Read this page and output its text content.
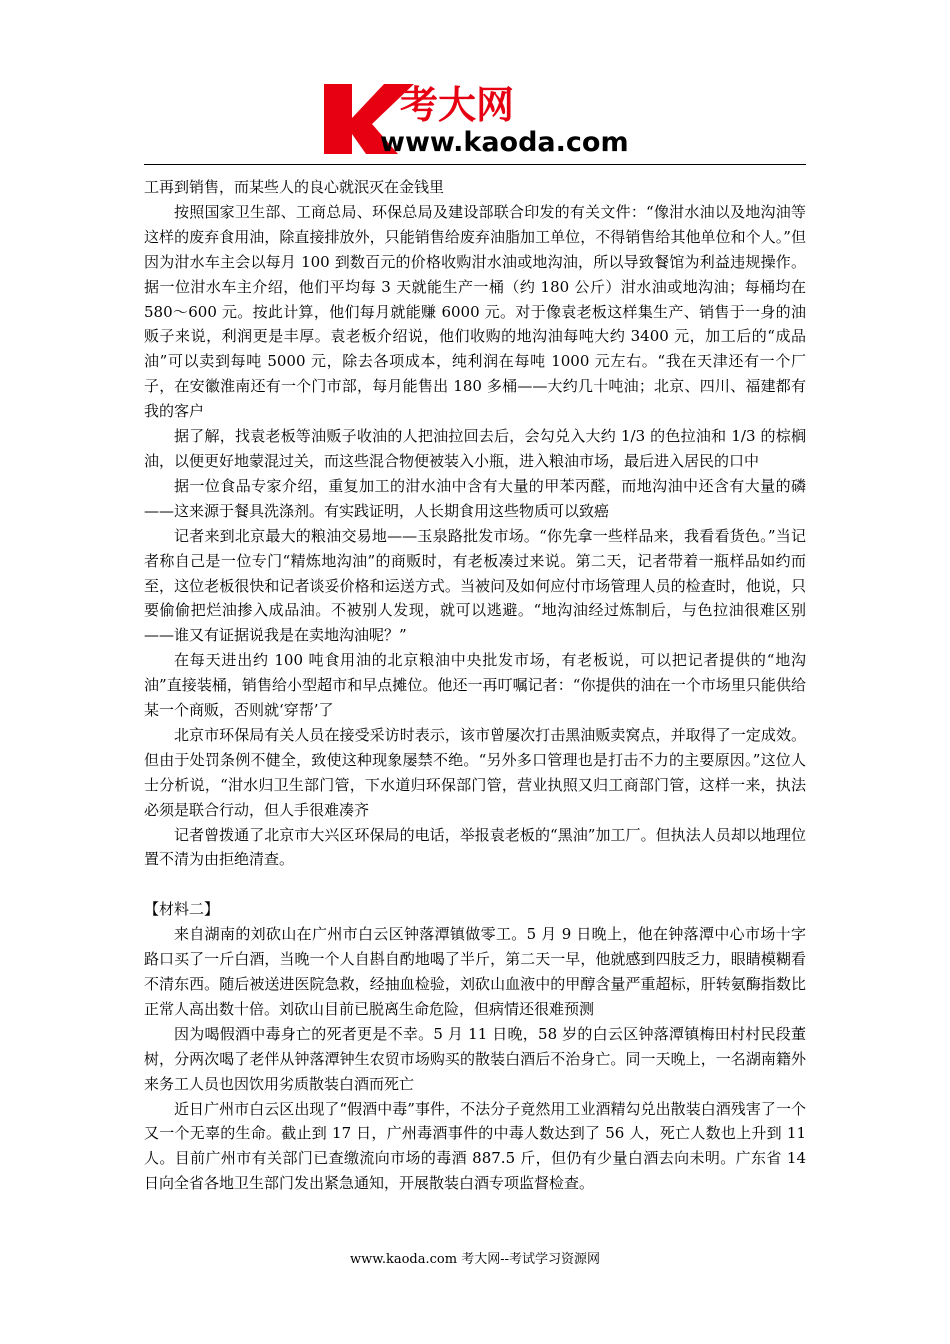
考大网
www.kaoda.com

工再到销售，而某些人的良心就泯灭在金钱里

按照国家卫生部、工商总局、环保总局及建设部联合印发的有关文件：“像泔水油以及地沟油等这样的废弃食用油，除直接排放外，只能销售给废弃油脂加工单位，不得销售给其他单位和个人。”但因为泔水车主会以每月 100 到数百元的价格收购泔水油或地沟油，所以导致餐馆为利益违规操作。据一位泔水车主介绍，他们平均每 3 天就能生产一桶（约 180 公斤）泔水油或地沟油；每桶均在 580～600 元。按此计算，他们每月就能赚 6000 元。对于像袁老板这样集生产、销售于一身的油贩子来说，利润更是丰厚。袁老板介绍说，他们收购的地沟油每吨大约 3400 元，加工后的“成品油”可以卖到每吨 5000 元，除去各项成本，纯利润在每吨 1000 元左右。“我在天津还有一个厂子，在安徽淮南还有一个门市部，每月能售出 180 多桶——大约几十吨油；北京、四川、福建都有我的客户

据了解，找袁老板等油贩子收油的人把油拉回去后，会勾兑入大约 1/3 的色拉油和 1/3 的棕榈油，以便更好地蒙混过关，而这些混合物便被装入小瓶，进入粮油市场，最后进入居民的口中

据一位食品专家介绍，重复加工的泔水油中含有大量的甲苯丙醛，而地沟油中还含有大量的磷——这来源于餐具洗涤剂。有实践证明，人长期食用这些物质可以致癌

记者来到北京最大的粮油交易地——玉泉路批发市场。“你先拿一些样品来，我看看货色。”当记者称自己是一位专门“精炼地沟油”的商贩时，有老板凑过来说。第二天，记者带着一瓶样品如约而至，这位老板很快和记者谈妥价格和运送方式。当被问及如何应付市场管理人员的检查时，他说，只要偷偷把烂油掺入成品油。不被别人发现，就可以逃避。“地沟油经过炼制后，与色拉油很难区别——谁又有证据说我是在卖地沟油呢？”

在每天进出约 100 吨食用油的北京粮油中央批发市场，有老板说，可以把记者提供的“地沟油”直接装桶，销售给小型超市和早点摊位。他还一再叮嘱记者：“你提供的油在一个市场里只能供给某一个商贩，否则就‘穿帮’了

北京市环保局有关人员在接受采访时表示，该市曾屡次打击黑油贩卖窝点，并取得了一定成效。但由于处罚条例不健全，致使这种现象屡禁不绝。“另外多口管理也是打击不力的主要原因。”这位人士分析说，“泔水归卫生部门管，下水道归环保部门管，营业执照又归工商部门管，这样一来，执法必须是联合行动，但人手很难凑齐

记者曾拨通了北京市大兴区环保局的电话，举报袁老板的“黑油”加工厂。但执法人员却以地理位置不清为由拒绝清查。

【材料二】

来自湖南的刘砍山在广州市白云区钟落潭镇做零工。5 月 9 日晚上，他在钟落潭中心市场十字路口买了一斤白酒，当晚一个人自斟自酌地喝了半斤，第二天一早，他就感到四肢乏力，眼睛模糊看不清东西。随后被送进医院急救，经抽血检验，刘砍山血液中的甲醇含量严重超标，肝转氨酶指数比正常人高出数十倍。刘砍山目前已脱离生命危险，但病情还很难预测

因为喝假酒中毒身亡的死者更是不幸。5 月 11 日晚，58 岁的白云区钟落潭镇梅田村村民段董树，分两次喝了老伴从钟落潭钟生农贸市场购买的散装白酒后不治身亡。同一天晚上，一名湖南籍外来务工人员也因饮用劣质散装白酒而死亡

近日广州市白云区出现了“假酒中毒”事件，不法分子竟然用工业酒精勾兑出散装白酒残害了一个又一个无辜的生命。截止到 17 日，广州毒酒事件的中毒人数达到了 56 人，死亡人数也上升到 11 人。目前广州市有关部门已查缴流向市场的毒酒 887.5 斤，但仍有少量白酒去向未明。广东省 14 日向全省各地卫生部门发出紧急通知，开展散装白酒专项监督检查。

www.kaoda.com 考大网--考试学习资源网
